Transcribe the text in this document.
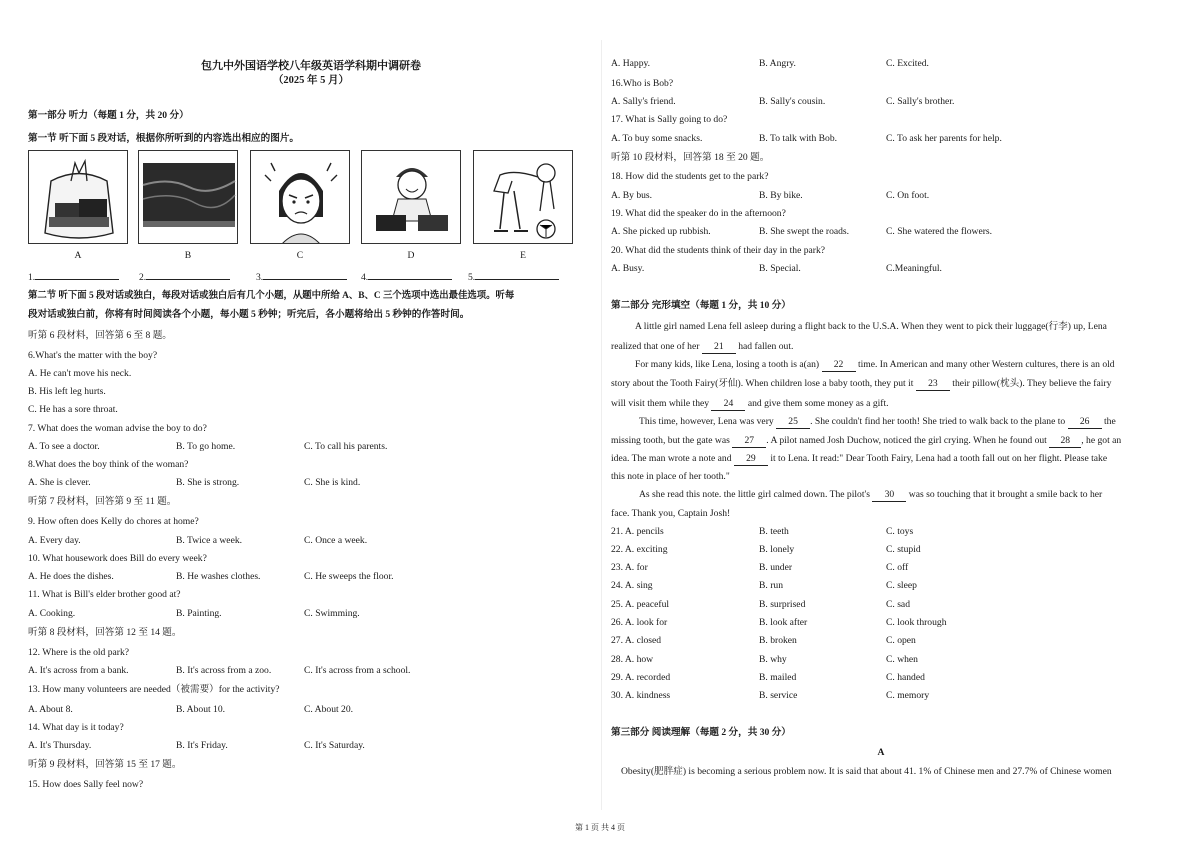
包九中外国语学校八年级英语学科期中调研卷
（2025 年 5 月）
第一部分 听力（每题 1 分，共 20 分）
第一节 听下面 5 段对话，根据你所听到的内容选出相应的图片。
A	B	C	D	E
1.	2.	3.	4.	5.
第二节 听下面 5 段对话或独白，每段对话或独白后有几个小题，从题中所给 A、B、C 三个选项中选出最佳选项。听每
段对话或独白前，你将有时间阅读各个小题，每小题 5 秒钟；听完后，各小题将给出 5 秒钟的作答时间。
听第 6 段材料，回答第 6 至 8 题。
6.What's the matter with the boy?
A. He can't move his neck.
B. His left leg hurts.
C. He has a sore throat.
7. What does the woman advise the boy to do?
A. To see a doctor.	B. To go home.	C. To call his parents.
8.What does the boy think of the woman?
A. She is clever.	B. She is strong.	C. She is kind.
听第 7 段材料，回答第 9 至 11 题。
9. How often does Kelly do chores at home?
A. Every day.	B. Twice a week.	C. Once a week.
10. What housework does Bill do every week?
A. He does the dishes.	B. He washes clothes.	C. He sweeps the floor.
11. What is Bill's elder brother good at?
A. Cooking.	B. Painting.	C. Swimming.
听第 8 段材料，回答第 12 至 14 题。
12. Where is the old park?
A. It's across from a bank.	B. It's across from a zoo.	C. It's across from a school.
13. How many volunteers are needed（被需要）for the activity?
A. About 8.	B. About 10.	C. About 20.
14. What day is it today?
A. It's Thursday.	B. It's Friday.	C. It's Saturday.
听第 9 段材料，回答第 15 至 17 题。
15. How does Sally feel now?
A. Happy.	B. Angry.	C. Excited.
16.Who is Bob?
A. Sally's friend.	B. Sally's cousin.	C. Sally's brother.
17. What is Sally going to do?
A. To buy some snacks.	B. To talk with Bob.	C. To ask her parents for help.
听第 10 段材料，回答第 18 至 20 题。
18. How did the students get to the park?
A. By bus.	B. By bike.	C. On foot.
19. What did the speaker do in the afternoon?
A. She picked up rubbish.	B. She swept the roads.	C. She watered the flowers.
20. What did the students think of their day in the park?
A. Busy.	B. Special.	C.Meaningful.
第二部分 完形填空（每题 1 分，共 10 分）
A little girl named Lena fell asleep during a flight back to the U.S.A. When they went to pick their luggage(行李) up, Lena
realized that one of her 21 had fallen out.
For many kids, like Lena, losing a tooth is a(an) 22 time. In American and many other Western cultures, there is an old
story about the Tooth Fairy(牙仙). When children lose a baby tooth, they put it 23 their pillow(枕头). They believe the fairy
will visit them while they 24 and give them some money as a gift.
This time, however, Lena was very 25 . She couldn't find her tooth! She tried to walk back to the plane to 26 the
missing tooth, but the gate was 27 . A pilot named Josh Duchow, noticed the girl crying. When he found out 28 , he got an
idea. The man wrote a note and 29 it to Lena. It read:" Dear Tooth Fairy, Lena had a tooth fall out on her flight. Please take
this note in place of her tooth."
As she read this note. the little girl calmed down. The pilot's 30 was so touching that it brought a smile back to her
face. Thank you, Captain Josh!
21. A. pencils	B. teeth	C. toys
22. A. exciting	B. lonely	C. stupid
23. A. for	B. under	C. off
24. A. sing	B. run	C. sleep
25. A. peaceful	B. surprised	C. sad
26. A. look for	B. look after	C. look through
27. A. closed	B. broken	C. open
28. A. how	B. why	C. when
29. A. recorded	B. mailed	C. handed
30. A. kindness	B. service	C. memory
第三部分 阅读理解（每题 2 分，共 30 分）
A
Obesity(肥胖症) is becoming a serious problem now. It is said that about 41. 1% of Chinese men and 27.7% of Chinese women
第 1 页 共 4 页
